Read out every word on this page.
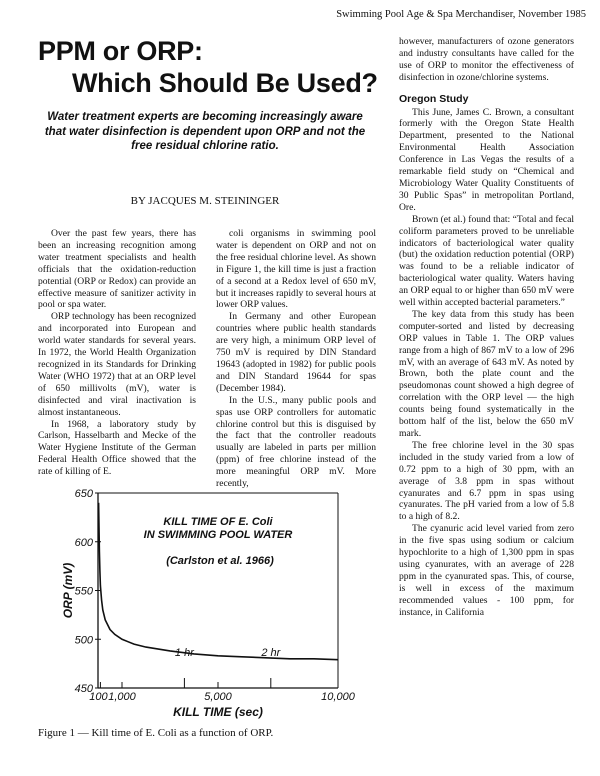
Swimming Pool Age & Spa Merchandiser, November 1985
PPM or ORP:
Which Should Be Used?
Water treatment experts are becoming increasingly aware that water disinfection is dependent upon ORP and not the free residual chlorine ratio.
BY JACQUES M. STEININGER

Over the past few years, there has been an increasing recognition among water treatment specialists and health officials that the oxidation-reduction potential (ORP or Redox) can provide an effective measure of sanitizer activity in pool or spa water.

ORP technology has been recognized and incorporated into European and world water standards for several years. In 1972, the World Health Organization recognized in its Standards for Drinking Water (WHO 1972) that at an ORP level of 650 millivolts (mV), water is disinfected and viral inactivation is almost instantaneous.

In 1968, a laboratory study by Carlson, Hasselbarth and Mecke of the Water Hygiene Institute of the German Federal Health Office showed that the rate of killing of E.

coli organisms in swimming pool water is dependent on ORP and not on the free residual chlorine level. As shown in Figure 1, the kill time is just a fraction of a second at a Redox level of 650 mV, but it increases rapidly to several hours at lower ORP values.

In Germany and other European countries where public health standards are very high, a minimum ORP level of 750 mV is required by DIN Standard 19643 (adopted in 1982) for public pools and DIN Standard 19644 for spas (December 1984).

In the U.S., many public pools and spas use ORP controllers for automatic chlorine control but this is disguised by the fact that the controller readouts usually are labeled in parts per million (ppm) of free chlorine instead of the more meaningful ORP mV. More recently,

however, manufacturers of ozone generators and industry consultants have called for the use of ORP to monitor the effectiveness of disinfection in ozone/chlorine systems.

Oregon Study

This June, James C. Brown, a consultant formerly with the Oregon State Health Department, presented to the National Environmental Health Association Conference in Las Vegas the results of a remarkable field study on “Chemical and Microbiology Water Quality Constituents of 30 Public Spas” in metropolitan Portland, Ore.

Brown (et al.) found that: “Total and fecal coliform parameters proved to be unreliable indicators of bacteriological water quality (but) the oxidation reduction potential (ORP) was found to be a reliable indicator of bacteriological water quality. Waters having an ORP equal to or higher than 650 mV were well within accepted bacterial parameters.”

The key data from this study has been computer-sorted and listed by decreasing ORP values in Table 1. The ORP values range from a high of 867 mV to a low of 296 mV, with an average of 643 mV. As noted by Brown, both the plate count and the pseudomonas count showed a high degree of correlation with the ORP level — the high counts being found systematically in the bottom half of the list, below the 650 mV mark.

The free chlorine level in the 30 spas included in the study varied from a low of 0.72 ppm to a high of 30 ppm, with an average of 3.8 ppm in spas without cyanurates and 6.7 ppm in spas using cyanurates. The pH varied from a low of 5.8 to a high of 8.2.

The cyanuric acid level varied from zero in the five spas using sodium or calcium hypochlorite to a high of 1,300 ppm in spas using cyanurates, with an average of 228 ppm in the cyanurated spas. This, of course, is well in excess of the maximum recommended values - 100 ppm, for instance, in California

450
500
550
600
650
100 1,000	5,000	10,000
1 hr	2 hr
KILL TIME OF E. Coli
IN SWIMMING POOL WATER
(Carlston et al. 1966)
KILL TIME (sec)
ORP (mV)
Figure 1 — Kill time of E. Coli as a function of ORP.
